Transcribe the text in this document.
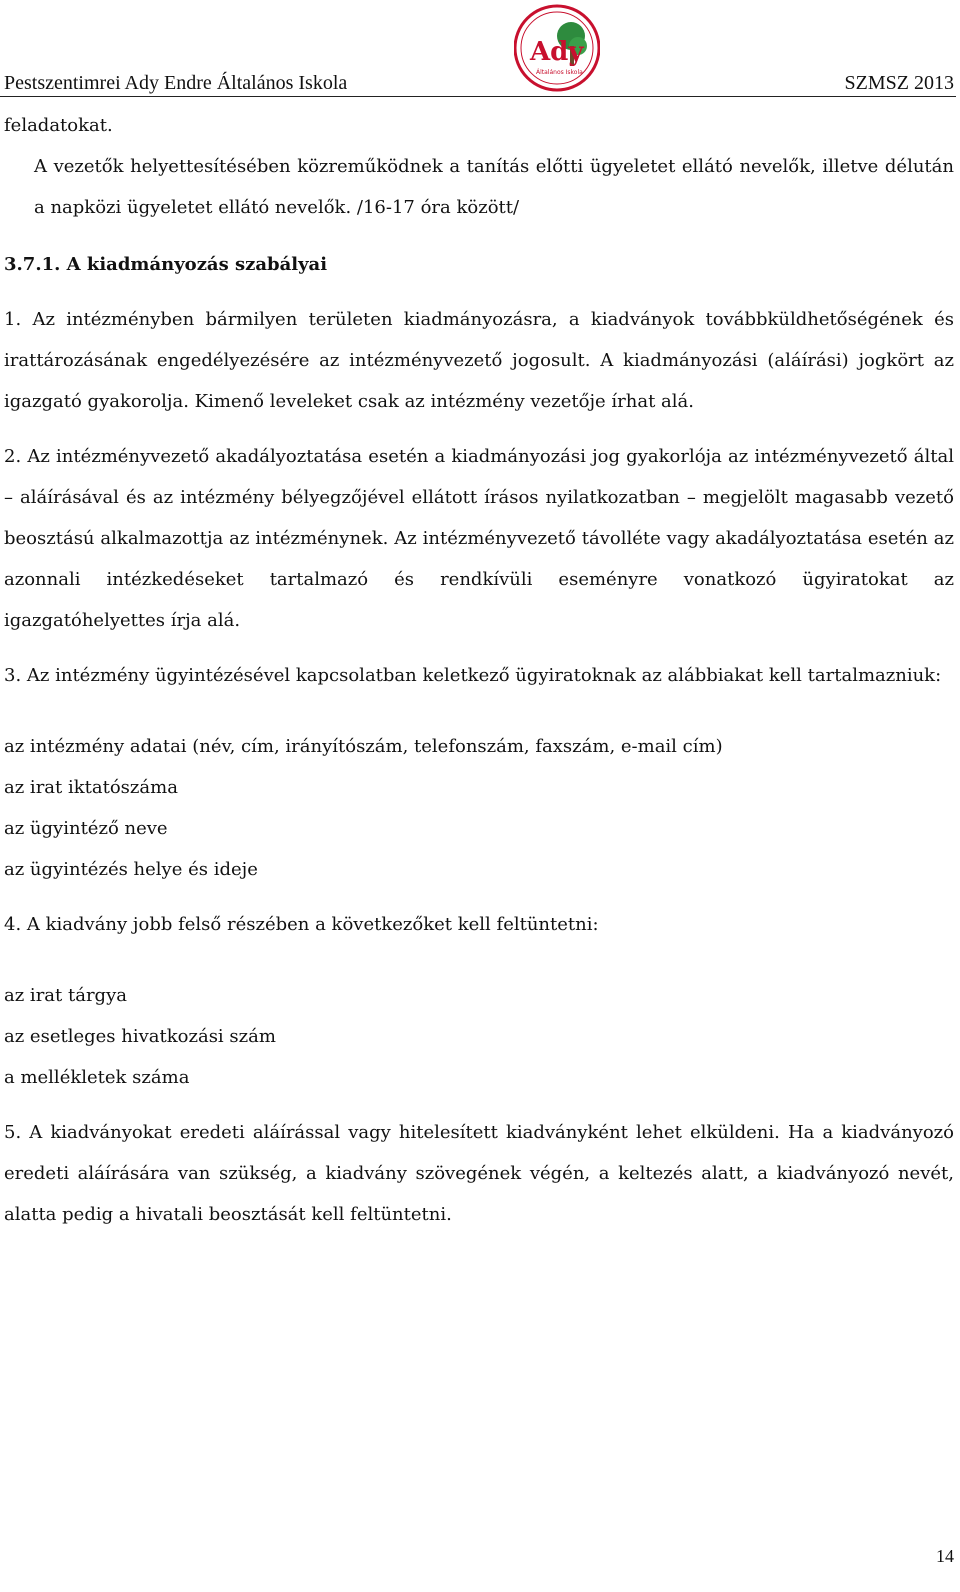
Pestszentimrei Ady Endre Általános Iskola
Ady
Általános Iskola	SZMSZ 2013

feladatokat.

A vezetők helyettesítésében közreműködnek a tanítás előtti ügyeletet ellátó nevelők, illetve délután a napközi ügyeletet ellátó nevelők. /16-17 óra között/

3.7.1. A kiadmányozás szabályai

1. Az intézményben bármilyen területen kiadmányozásra, a kiadványok továbbküldhetőségének és irattározásának engedélyezésére az intézményvezető jogosult. A kiadmányozási (aláírási) jogkört az igazgató gyakorolja. Kimenő leveleket csak az intézmény vezetője írhat alá.

2. Az intézményvezető akadályoztatása esetén a kiadmányozási jog gyakorlója az intézményvezető által – aláírásával és az intézmény bélyegzőjével ellátott írásos nyilatkozatban – megjelölt magasabb vezető beosztású alkalmazottja az intézménynek. Az intézményvezető távolléte vagy akadályoztatása esetén az azonnali intézkedéseket tartalmazó és rendkívüli eseményre vonatkozó ügyiratokat az igazgatóhelyettes írja alá.

3. Az intézmény ügyintézésével kapcsolatban keletkező ügyiratoknak az alábbiakat kell tartalmazniuk:

az intézmény adatai (név, cím, irányítószám, telefonszám, faxszám, e-mail cím)

az irat iktatószáma

az ügyintéző neve

az ügyintézés helye és ideje

4. A kiadvány jobb felső részében a következőket kell feltüntetni:

az irat tárgya

az esetleges hivatkozási szám

a mellékletek száma

5. A kiadványokat eredeti aláírással vagy hitelesített kiadványként lehet elküldeni. Ha a kiadványozó eredeti aláírására van szükség, a kiadvány szövegének végén, a keltezés alatt, a kiadványozó nevét, alatta pedig a hivatali beosztását kell feltüntetni.

14
